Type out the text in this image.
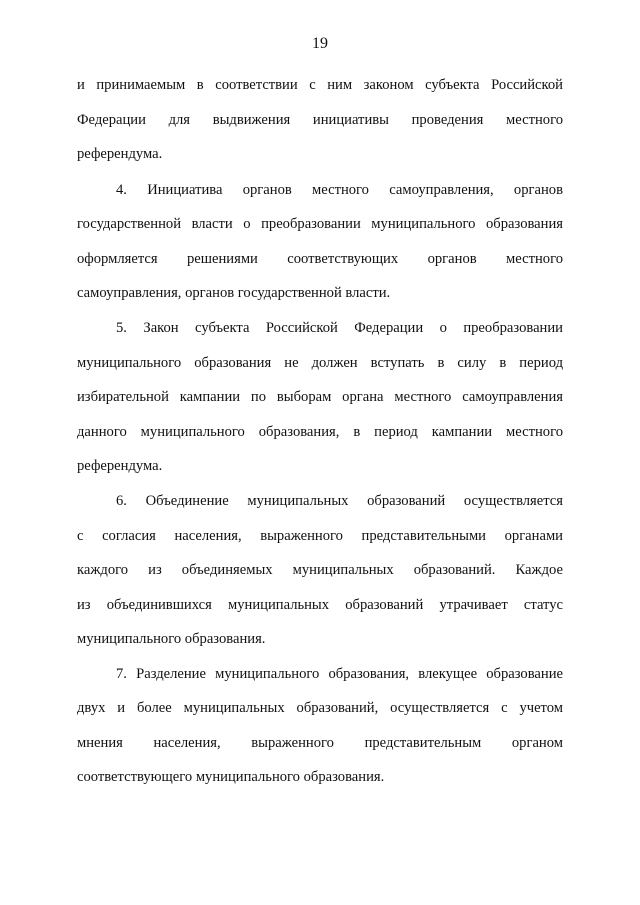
19
и принимаемым в соответствии с ним законом субъекта Российской
Федерации для выдвижения инициативы проведения местного
референдума.
4. Инициатива органов местного самоуправления, органов
государственной власти о преобразовании муниципального образования
оформляется решениями соответствующих органов местного
самоуправления, органов государственной власти.
5. Закон субъекта Российской Федерации о преобразовании
муниципального образования не должен вступать в силу в период
избирательной кампании по выборам органа местного самоуправления
данного муниципального образования, в период кампании местного
референдума.
6. Объединение муниципальных образований осуществляется
с согласия населения, выраженного представительными органами
каждого из объединяемых муниципальных образований. Каждое
из объединившихся муниципальных образований утрачивает статус
муниципального образования.
7. Разделение муниципального образования, влекущее образование
двух и более муниципальных образований, осуществляется с учетом
мнения населения, выраженного представительным органом
соответствующего муниципального образования.
